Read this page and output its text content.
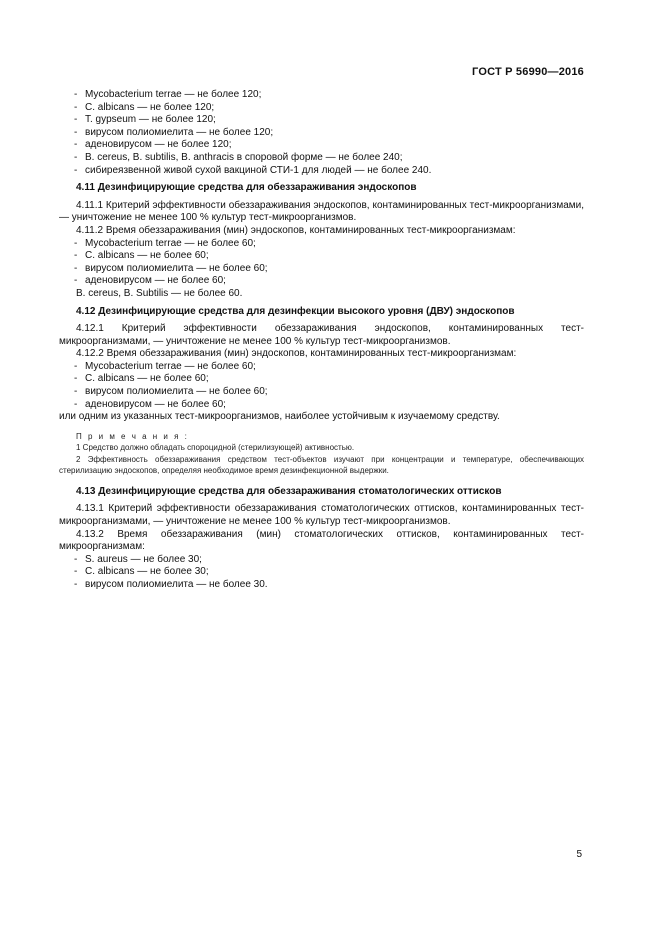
ГОСТ Р 56990—2016
- Mycobacterium terrae — не более 120;
- C. albicans — не более 120;
- T. gypseum — не более 120;
- вирусом полиомиелита — не более 120;
- аденовирусом — не более 120;
- B. cereus, B. subtilis, B. anthracis в споровой форме — не более 240;
- сибиреязвенной живой сухой вакциной СТИ-1 для людей — не более 240.
4.11 Дезинфицирующие средства для обеззараживания эндоскопов
4.11.1 Критерий эффективности обеззараживания эндоскопов, контаминированных тест-микроорганизмами, — уничтожение не менее 100 % культур тест-микроорганизмов.
4.11.2 Время обеззараживания (мин) эндоскопов, контаминированных тест-микроорганизмам:
- Mycobacterium terrae — не более 60;
- C. albicans — не более 60;
- вирусом полиомиелита — не более 60;
- аденовирусом — не более 60;
B. cereus, B. Subtilis — не более 60.
4.12 Дезинфицирующие средства для дезинфекции высокого уровня (ДВУ) эндоскопов
4.12.1 Критерий эффективности обеззараживания эндоскопов, контаминированных тест-микроорганизмами, — уничтожение не менее 100 % культур тест-микроорганизмов.
4.12.2 Время обеззараживания (мин) эндоскопов, контаминированных тест-микроорганизмам:
- Mycobacterium terrae — не более 60;
- C. albicans — не более 60;
- вирусом полиомиелита — не более 60;
- аденовирусом — не более 60;
или одним из указанных тест-микроорганизмов, наиболее устойчивым к изучаемому средству.
П р и м е ч а н и я :
1 Средство должно обладать спороцидной (стерилизующей) активностью.
2 Эффективность обеззараживания средством тест-объектов изучают при концентрации и температуре, обеспечивающих стерилизацию эндоскопов, определяя необходимое время дезинфекционной выдержки.
4.13 Дезинфицирующие средства для обеззараживания стоматологических оттисков
4.13.1 Критерий эффективности обеззараживания стоматологических оттисков, контаминированных тест-микроорганизмами, — уничтожение не менее 100 % культур тест-микроорганизмов.
4.13.2 Время обеззараживания (мин) стоматологических оттисков, контаминированных тест-микроорганизмам:
- S. aureus — не более 30;
- C. albicans — не более 30;
- вирусом полиомиелита — не более 30.
5
